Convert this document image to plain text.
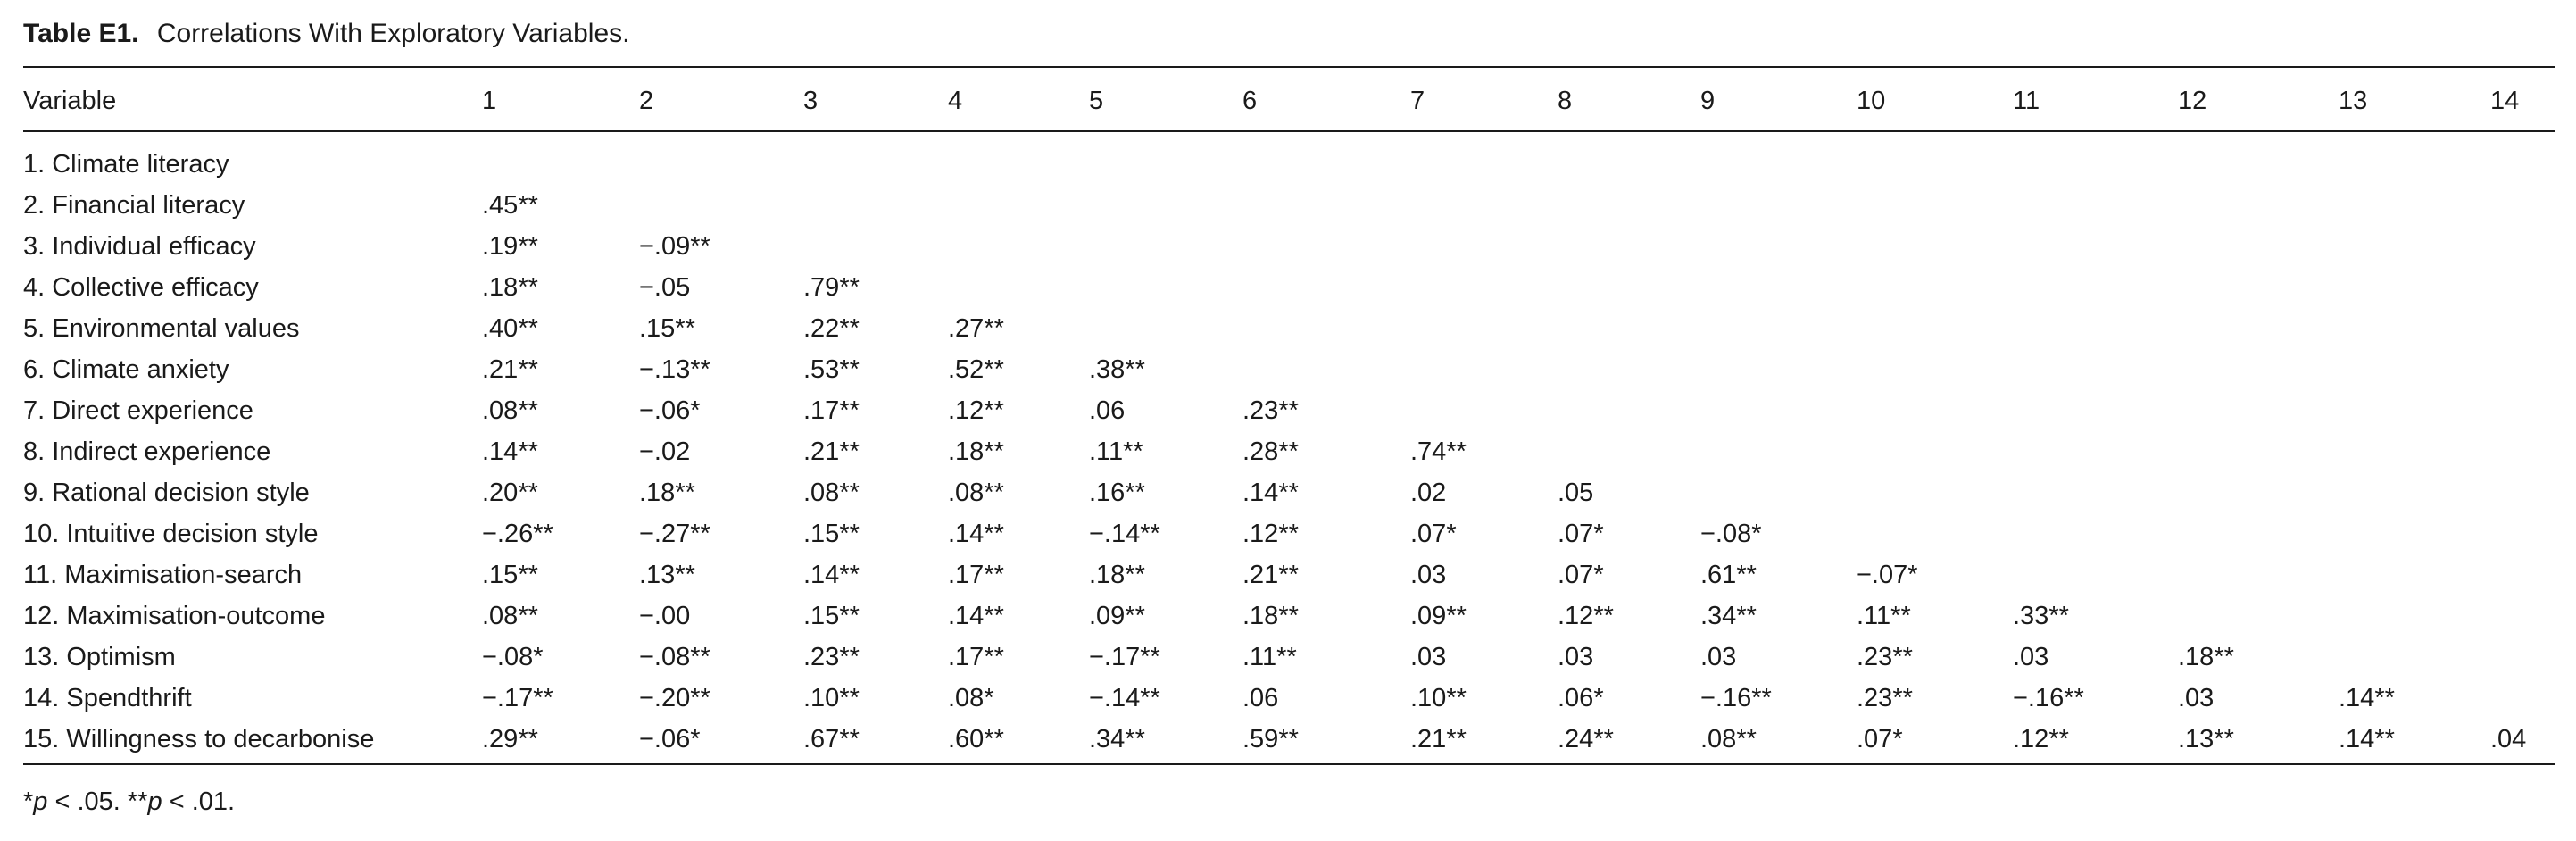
Table E1. Correlations With Exploratory Variables.
Variable	1	2	3	4	5	6	7	8	9	10	11	12	13	14
1. Climate literacy
2. Financial literacy	.45**
3. Individual efficacy	.19**	−.09**
4. Collective efficacy	.18**	−.05	.79**
5. Environmental values	.40**	.15**	.22**	.27**
6. Climate anxiety	.21**	−.13**	.53**	.52**	.38**
7. Direct experience	.08**	−.06*	.17**	.12**	.06	.23**
8. Indirect experience	.14**	−.02	.21**	.18**	.11**	.28**	.74**
9. Rational decision style	.20**	.18**	.08**	.08**	.16**	.14**	.02	.05
10. Intuitive decision style	−.26**	−.27**	.15**	.14**	−.14**	.12**	.07*	.07*	−.08*
11. Maximisation-search	.15**	.13**	.14**	.17**	.18**	.21**	.03	.07*	.61**	−.07*
12. Maximisation-outcome	.08**	−.00	.15**	.14**	.09**	.18**	.09**	.12**	.34**	.11**	.33**
13. Optimism	−.08*	−.08**	.23**	.17**	−.17**	.11**	.03	.03	.03	.23**	.03	.18**
14. Spendthrift	−.17**	−.20**	.10**	.08*	−.14**	.06	.10**	.06*	−.16**	.23**	−.16**	.03	.14**
15. Willingness to decarbonise	.29**	−.06*	.67**	.60**	.34**	.59**	.21**	.24**	.08**	.07*	.12**	.13**	.14**	.04
*p < .05. **p < .01.
